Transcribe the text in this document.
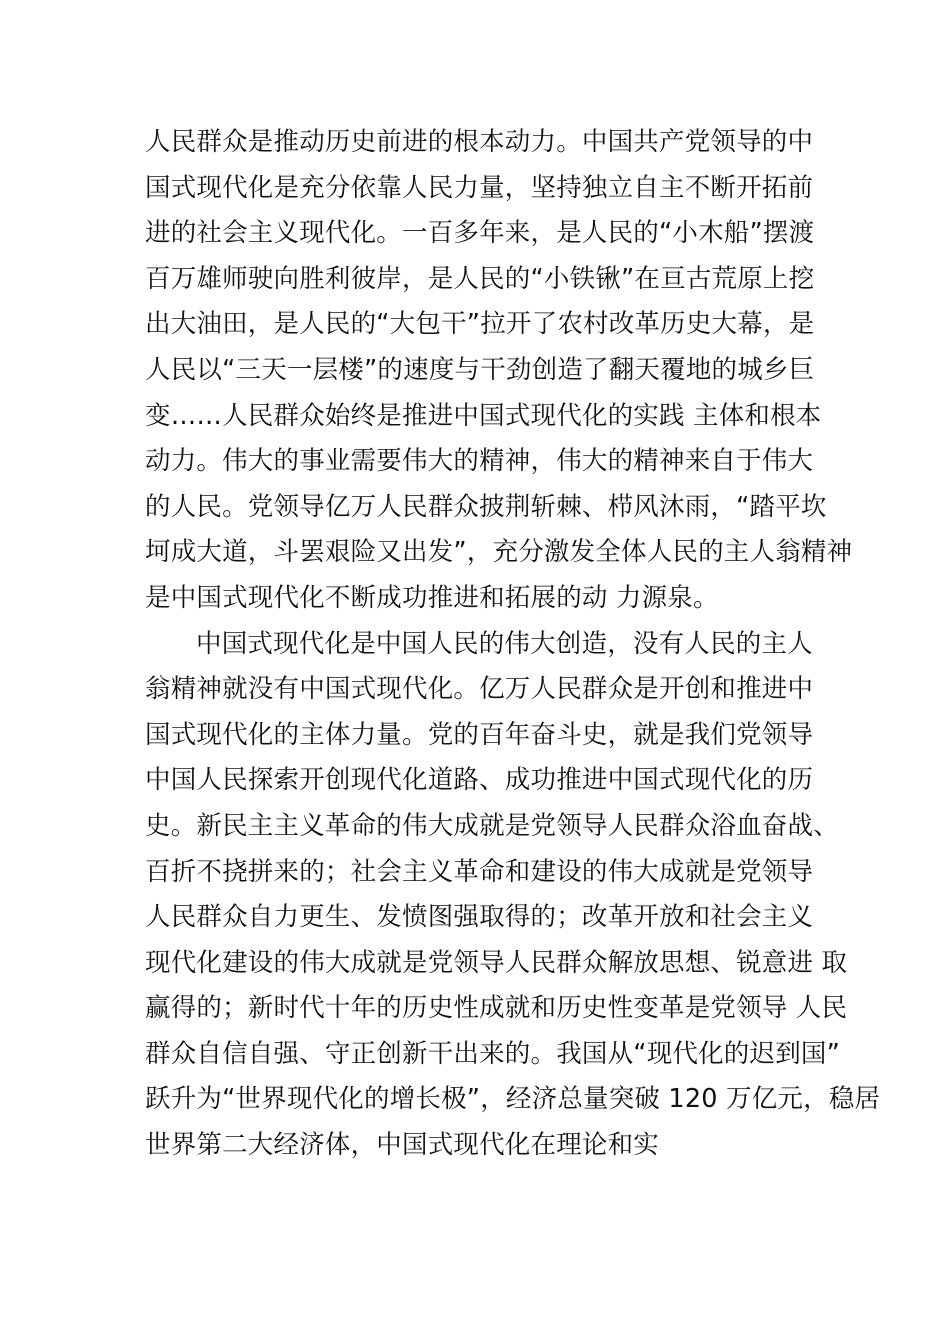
人民群众是推动历史前进的根本动力。中国共产党领导的中
国式现代化是充分依靠人民力量，坚持独立自主不断开拓前
进的社会主义现代化。一百多年来，是人民的“小木船”摆渡
百万雄师驶向胜利彼岸，是人民的“小铁锹”在亘古荒原上挖
出大油田，是人民的“大包干”拉开了农村改革历史大幕，是
人民以“三天一层楼”的速度与干劲创造了翻天覆地的城乡巨
变……人民群众始终是推进中国式现代化的实践 主体和根本
动力。伟大的事业需要伟大的精神，伟大的精神来自于伟大
的人民。党领导亿万人民群众披荆斩棘、栉风沐雨，“踏平坎
坷成大道，斗罢艰险又出发”，充分激发全体人民的主人翁精神
是中国式现代化不断成功推进和拓展的动 力源泉。
中国式现代化是中国人民的伟大创造，没有人民的主人
翁精神就没有中国式现代化。亿万人民群众是开创和推进中
国式现代化的主体力量。党的百年奋斗史，就是我们党领导
中国人民探索开创现代化道路、成功推进中国式现代化的历
史。新民主主义革命的伟大成就是党领导人民群众浴血奋战、
百折不挠拼来的；社会主义革命和建设的伟大成就是党领导
人民群众自力更生、发愤图强取得的；改革开放和社会主义
现代化建设的伟大成就是党领导人民群众解放思想、锐意进 取
赢得的；新时代十年的历史性成就和历史性变革是党领导 人民
群众自信自强、守正创新干出来的。我国从“现代化的迟到国”
跃升为“世界现代化的增长极”，经济总量突破 120 万亿元，稳居
世界第二大经济体，中国式现代化在理论和实
